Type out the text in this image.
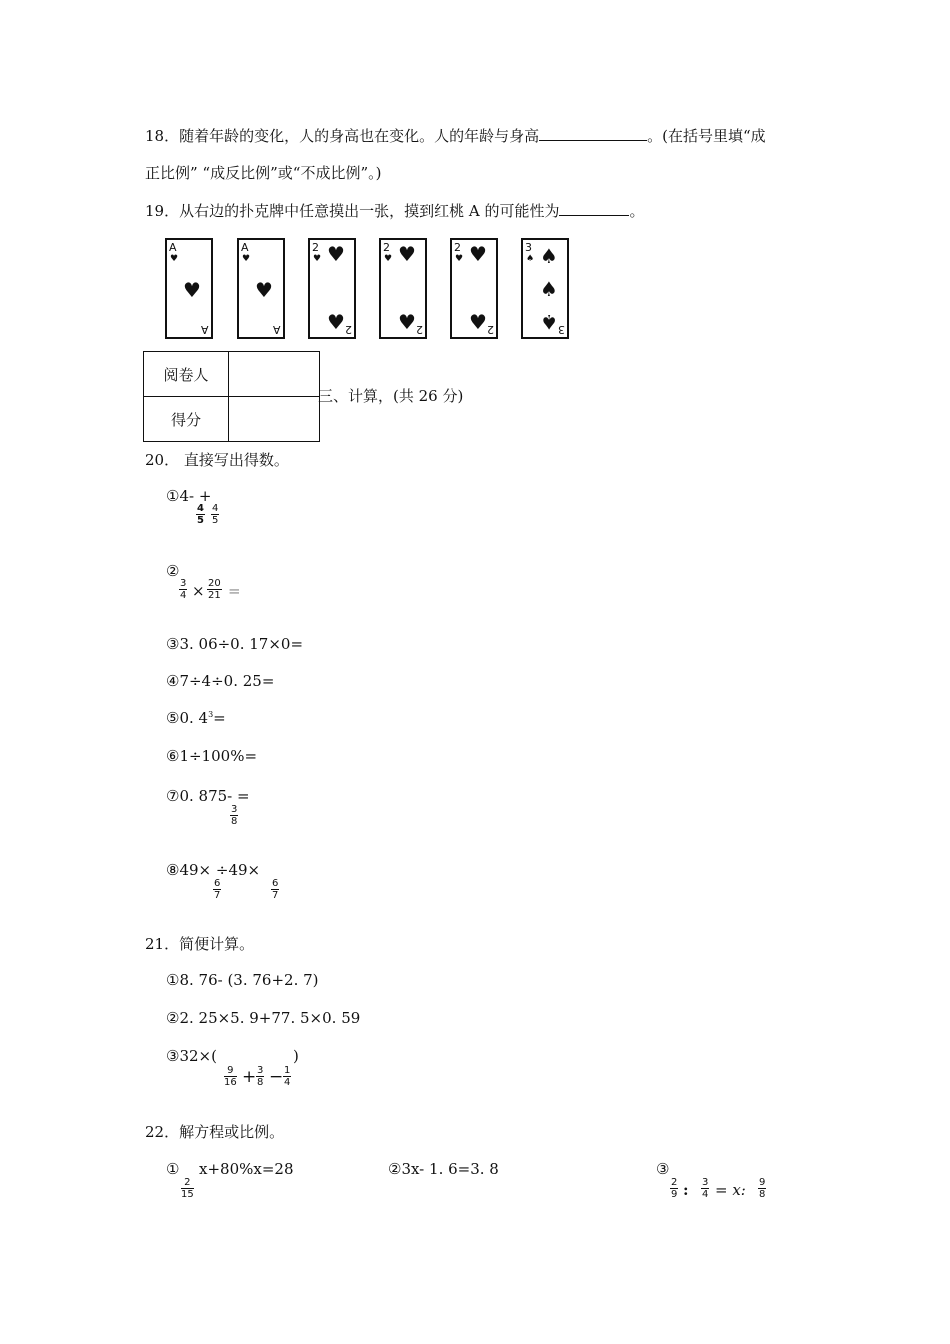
18．随着年龄的变化，人的身高也在变化。人的年龄与身高	。(在括号里填“成
正比例” “成反比例”或“不成比例”。)
19．从右边的扑克牌中任意摸出一张，摸到红桃 A 的可能性为	。
A
♥
♥
A
A
♥
♥
A
2
♥ ♥
♥ 2
2
♥ ♥
♥ 2
2
♥ ♥
♥ 2
3
♠ ♠
♠
♠ 3
阅卷人	
得分	
三、计算，(共 26 分)
20． 直接写出得数。
①4- +
$\frac{4}{5} \frac{4}{5}$
②
$\frac{3}{4} \times \frac{20}{21}$ =
③3. 06÷0. 17×0=
④7÷4÷0. 25=
⑤0. $4^3=$
⑥1÷100%=
⑦0. 875- =
$\frac{3}{8}$
⑧49× ÷49×
$\frac{6}{7}$	$\frac{6}{7}$
21．简便计算。
①8. 76- (3. 76+2. 7)
②2. 25×5. 9+77. 5×0. 59
③32×(	)
$\frac{9}{16} + \frac{3}{8} - \frac{1}{4}$
22．解方程或比例。
①
$\frac{2}{15}$
x+80%x=28	②3x- 1. 6=3. 8	③
$\frac{2}{9}$ : $\frac{3}{4} = x$: $\frac{9}{8}$
